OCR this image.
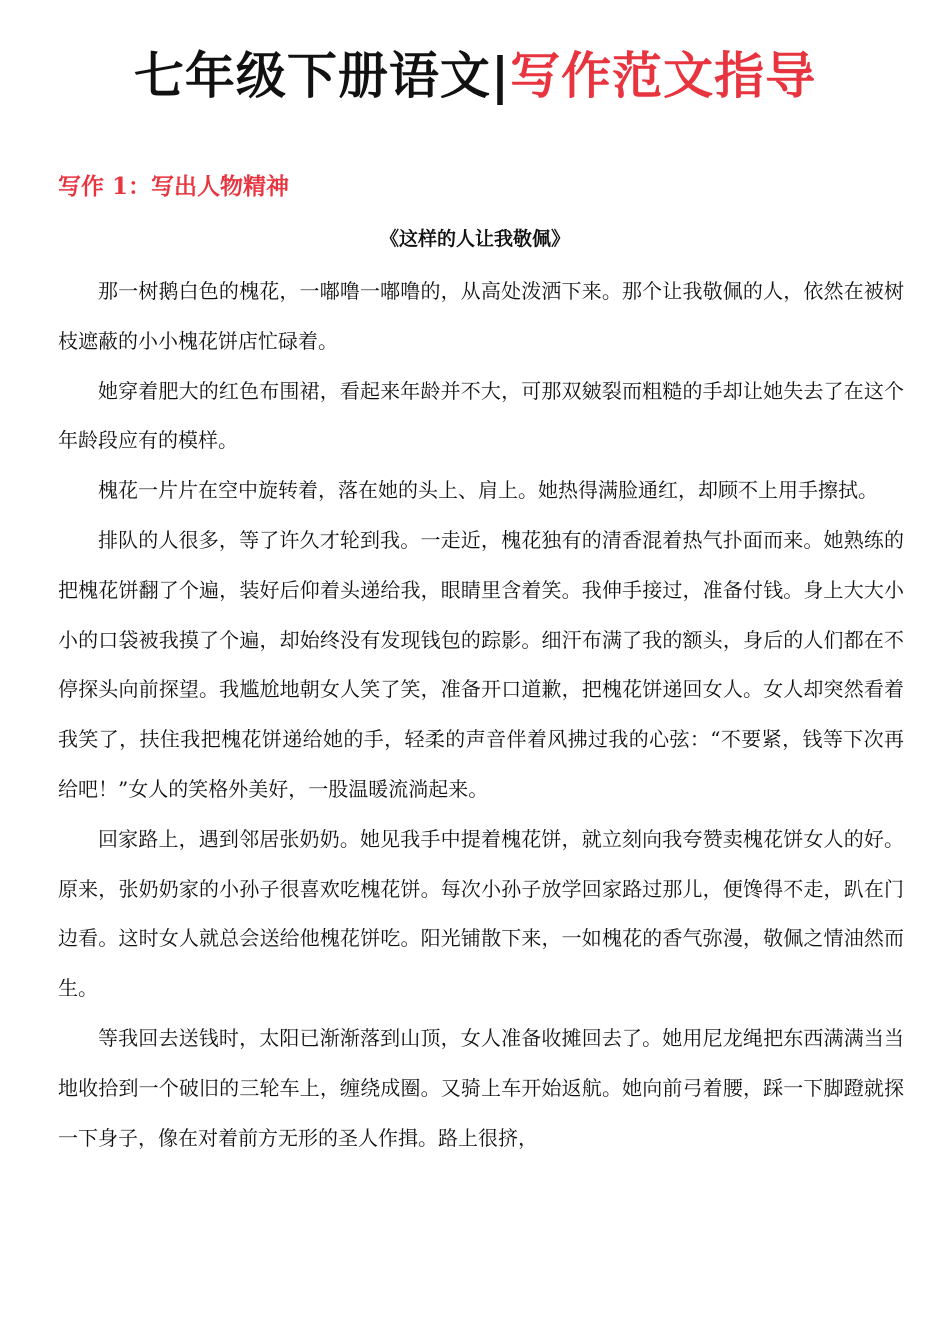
七年级下册语文|写作范文指导
写作 1：写出人物精神
《这样的人让我敬佩》

那一树鹅白色的槐花，一嘟噜一嘟噜的，从高处泼洒下来。那个让我敬佩的人，依然在被树枝遮蔽的小小槐花饼店忙碌着。

她穿着肥大的红色布围裙，看起来年龄并不大，可那双皴裂而粗糙的手却让她失去了在这个年龄段应有的模样。

槐花一片片在空中旋转着，落在她的头上、肩上。她热得满脸通红，却顾不上用手擦拭。

排队的人很多，等了许久才轮到我。一走近，槐花独有的清香混着热气扑面而来。她熟练的把槐花饼翻了个遍，装好后仰着头递给我，眼睛里含着笑。我伸手接过，准备付钱。身上大大小小的口袋被我摸了个遍，却始终没有发现钱包的踪影。细汗布满了我的额头，身后的人们都在不停探头向前探望。我尴尬地朝女人笑了笑，准备开口道歉，把槐花饼递回女人。女人却突然看着我笑了，扶住我把槐花饼递给她的手，轻柔的声音伴着风拂过我的心弦：“不要紧，钱等下次再给吧！”女人的笑格外美好，一股温暖流淌起来。

回家路上，遇到邻居张奶奶。她见我手中提着槐花饼，就立刻向我夸赞卖槐花饼女人的好。原来，张奶奶家的小孙子很喜欢吃槐花饼。每次小孙子放学回家路过那儿，便馋得不走，趴在门边看。这时女人就总会送给他槐花饼吃。阳光铺散下来，一如槐花的香气弥漫，敬佩之情油然而生。

等我回去送钱时，太阳已渐渐落到山顶，女人准备收摊回去了。她用尼龙绳把东西满满当当地收拾到一个破旧的三轮车上，缠绕成圈。又骑上车开始返航。她向前弓着腰，踩一下脚蹬就探一下身子，像在对着前方无形的圣人作揖。路上很挤，
